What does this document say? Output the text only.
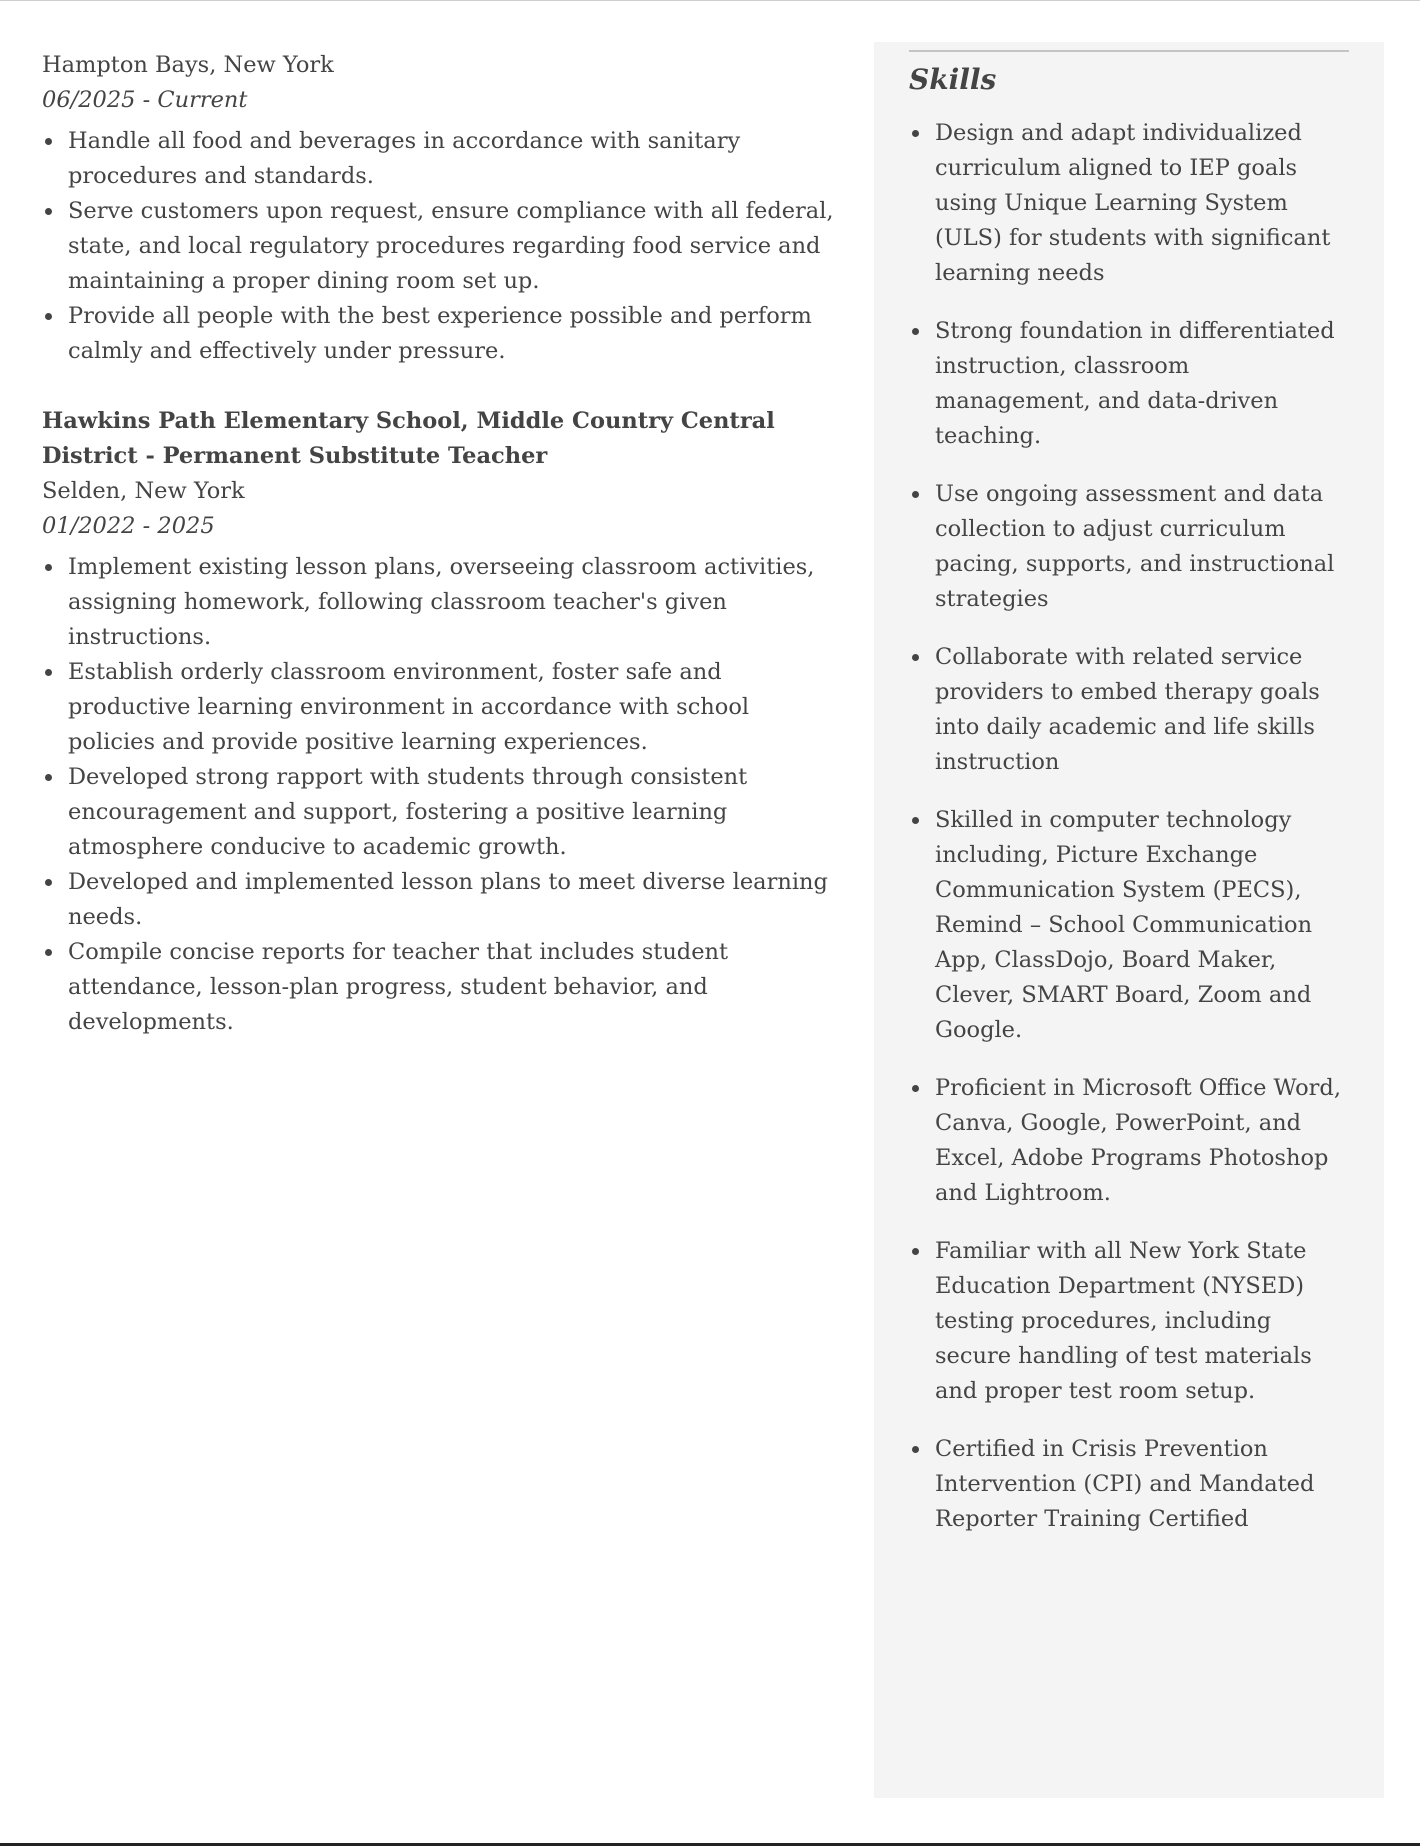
Hampton Bays, New York

06/2025 - Current

Handle all food and beverages in accordance with sanitary procedures and standards.
Serve customers upon request, ensure compliance with all federal, state, and local regulatory procedures regarding food service and maintaining a proper dining room set up.
Provide all people with the best experience possible and perform calmly and effectively under pressure.

Hawkins Path Elementary School, Middle Country Central District - Permanent Substitute Teacher

Selden, New York

01/2022 - 2025

Implement existing lesson plans, overseeing classroom activities, assigning homework, following classroom teacher's given instructions.
Establish orderly classroom environment, foster safe and productive learning environment in accordance with school policies and provide positive learning experiences.
Developed strong rapport with students through consistent encouragement and support, fostering a positive learning atmosphere conducive to academic growth.
Developed and implemented lesson plans to meet diverse learning needs.
Compile concise reports for teacher that includes student attendance, lesson-plan progress, student behavior, and developments.
Skills
Design and adapt individualized curriculum aligned to IEP goals using Unique Learning System (ULS) for students with significant learning needs
Strong foundation in differentiated instruction, classroom management, and data-driven teaching.
Use ongoing assessment and data collection to adjust curriculum pacing, supports, and instructional strategies
Collaborate with related service providers to embed therapy goals into daily academic and life skills instruction
Skilled in computer technology including, Picture Exchange Communication System (PECS), Remind – School Communication App, ClassDojo, Board Maker, Clever, SMART Board, Zoom and Google.
Proficient in Microsoft Office Word, Canva, Google, PowerPoint, and Excel, Adobe Programs Photoshop and Lightroom.
Familiar with all New York State Education Department (NYSED) testing procedures, including secure handling of test materials and proper test room setup.
Certified in Crisis Prevention Intervention (CPI) and Mandated Reporter Training Certified
